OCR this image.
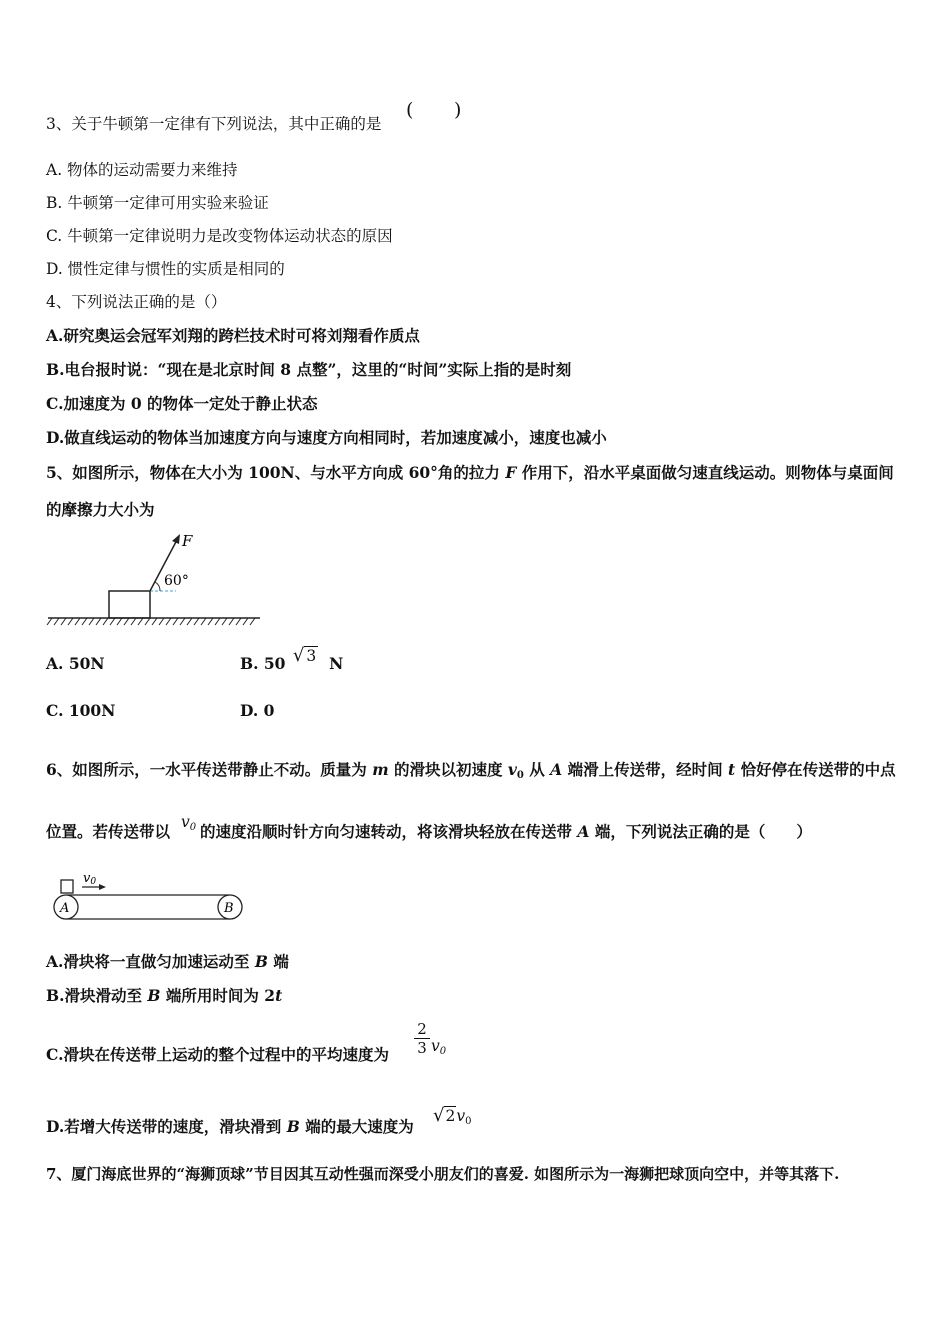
3、关于牛顿第一定律有下列说法，其中正确的是
( )
A. 物体的运动需要力来维持
B. 牛顿第一定律可用实验来验证
C. 牛顿第一定律说明力是改变物体运动状态的原因
D. 惯性定律与惯性的实质是相同的
4、下列说法正确的是（）
A.研究奥运会冠军刘翔的跨栏技术时可将刘翔看作质点
B.电台报时说：“现在是北京时间 8 点整”，这里的“时间”实际上指的是时刻
C.加速度为 0 的物体一定处于静止状态
D.做直线运动的物体当加速度方向与速度方向相同时，若加速度减小，速度也减小
5、如图所示，物体在大小为 100N、与水平方向成 60°角的拉力 F 作用下，沿水平桌面做匀速直线运动。则物体与桌面间
的摩擦力大小为
F
60°
A. 50N	B. 50 √ 3 N
C. 100N	D. 0
6、如图所示，一水平传送带静止不动。质量为 m 的滑块以初速度 $v_0$ 从 A 端滑上传送带，经时间 t 恰好停在传送带的中点
位置。若传送带以 $v_0$ 的速度沿顺时针方向匀速转动，将该滑块轻放在传送带 A 端，下列说法正确的是（　　）
v0
A	B
A.滑块将一直做匀加速运动至 B 端
B.滑块滑动至 B 端所用时间为 2t
C.滑块在传送带上运动的整个过程中的平均速度为 $\frac{2}{3} v_0$
D.若增大传送带的速度，滑块滑到 B 端的最大速度为
$√2v_0$
7、厦门海底世界的“海狮顶球”节目因其互动性强而深受小朋友们的喜爱. 如图所示为一海狮把球顶向空中，并等其落下.
